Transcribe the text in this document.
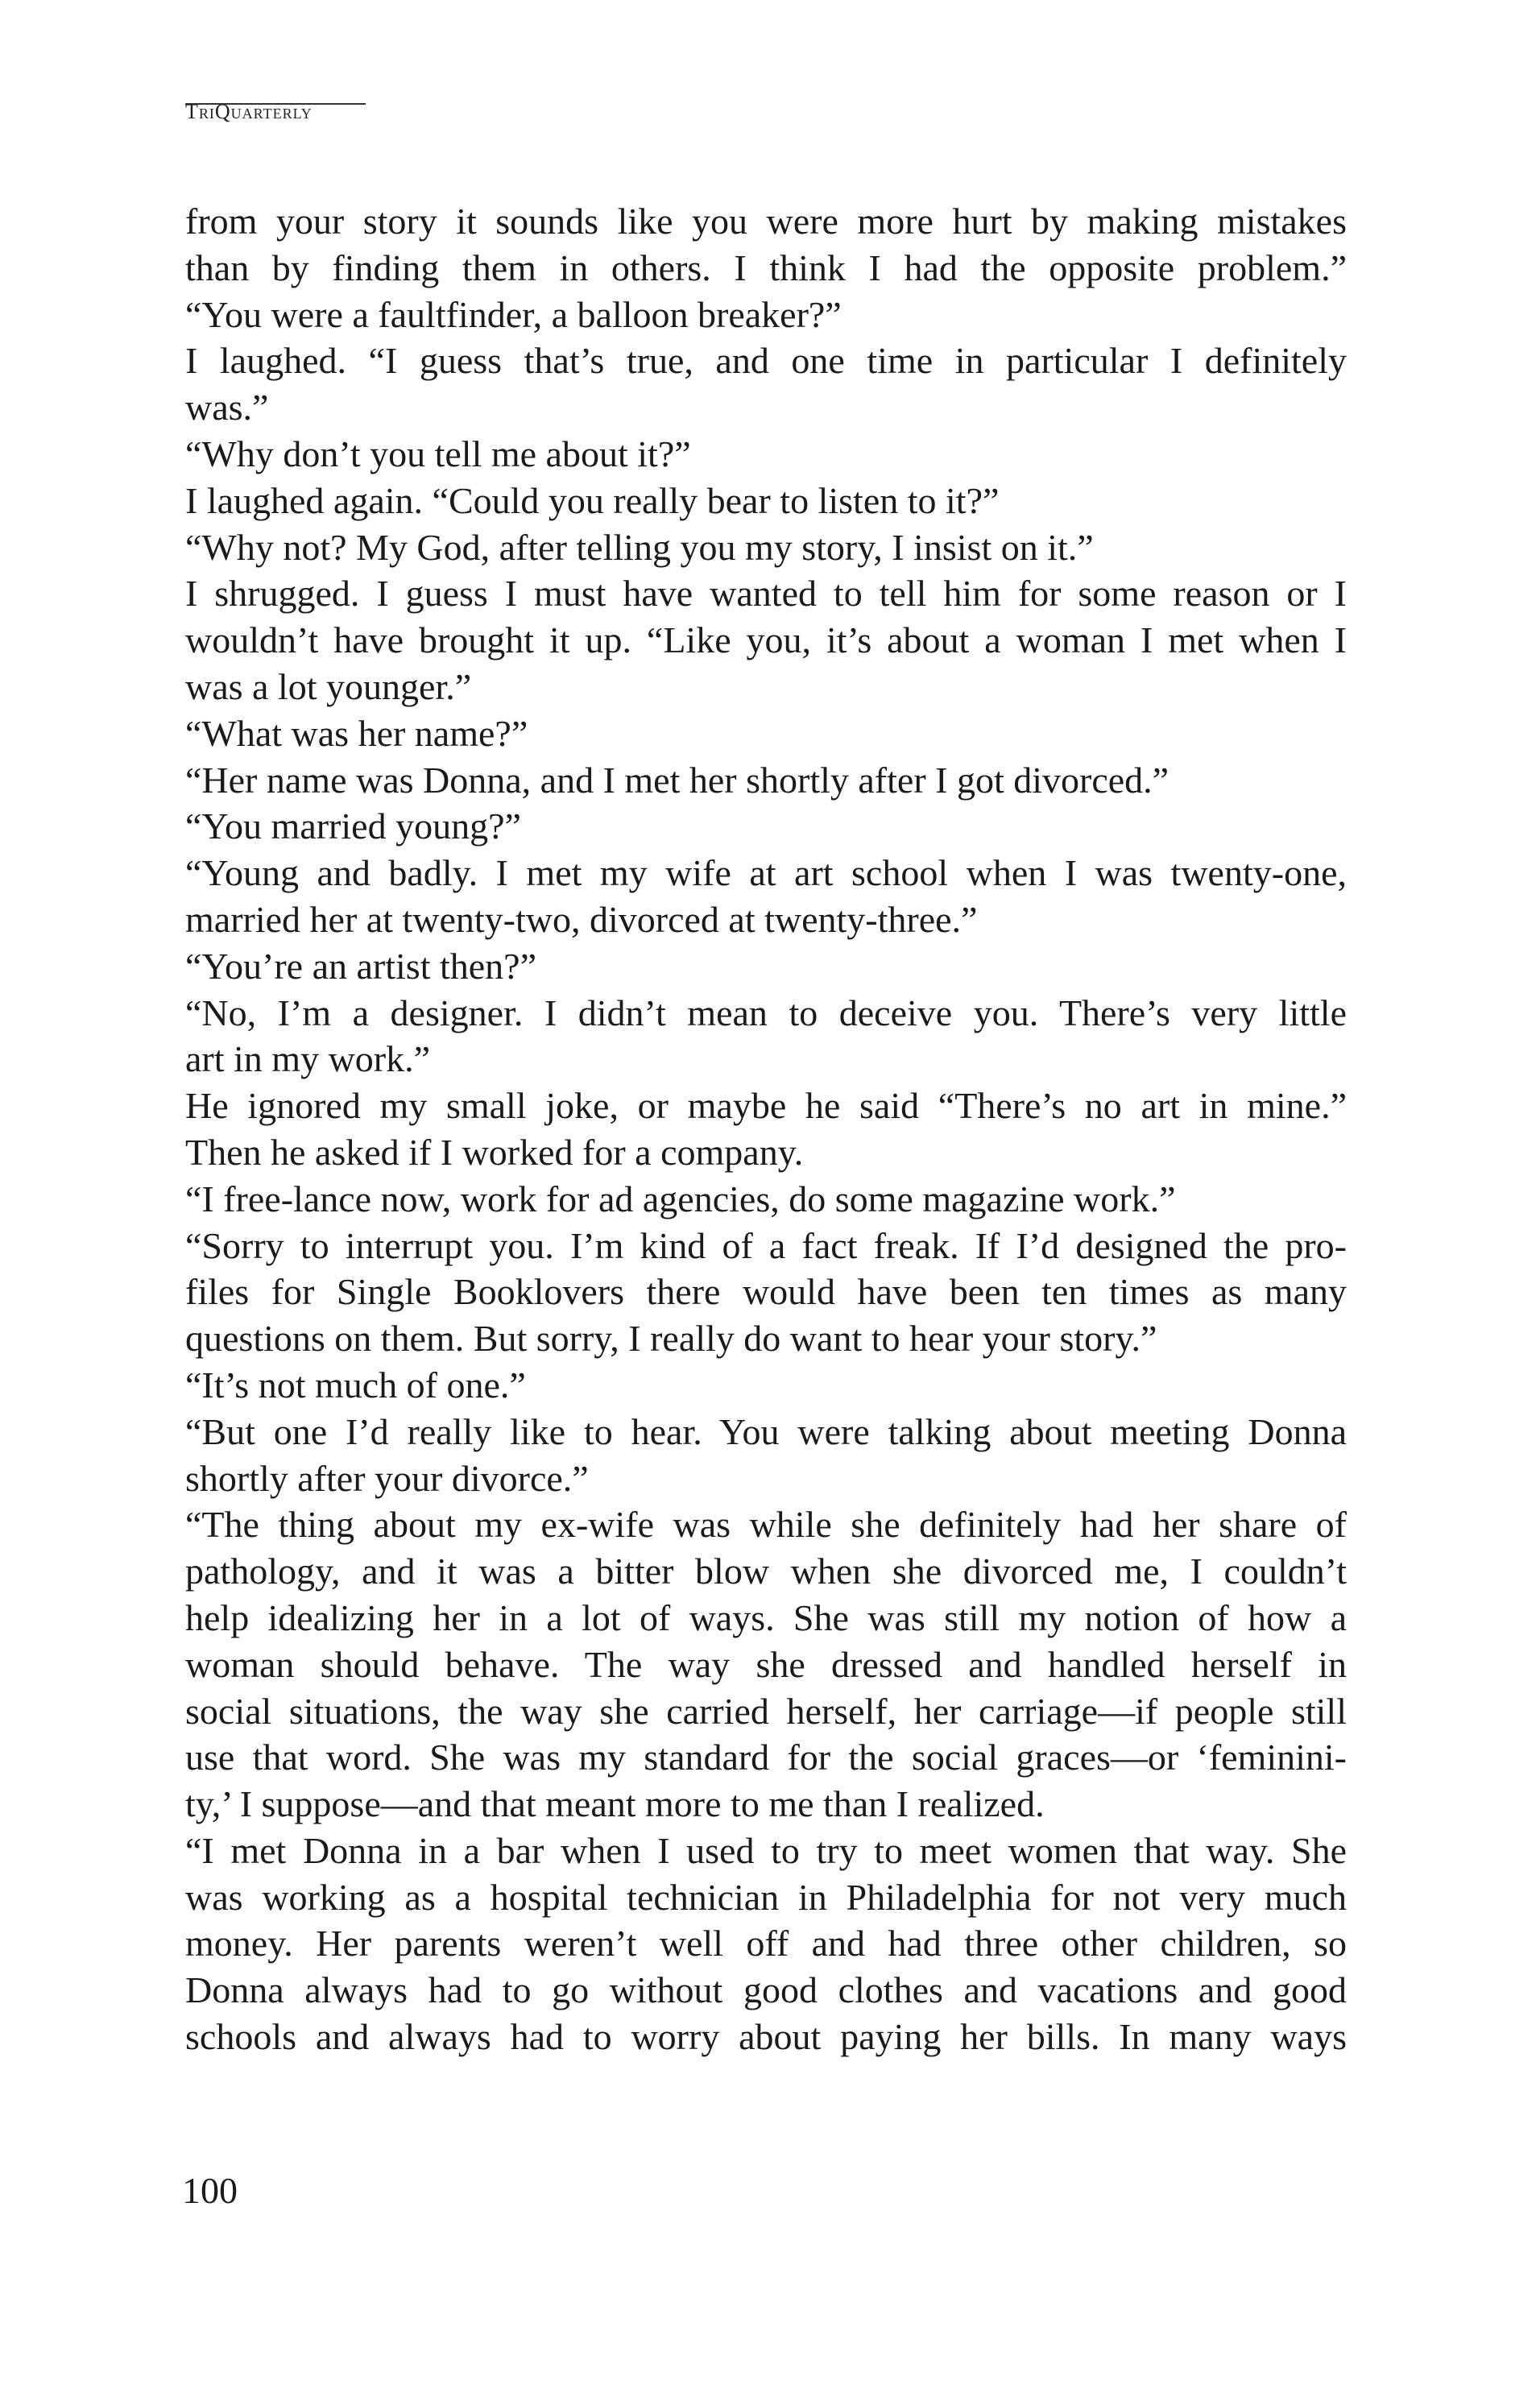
TriQuarterly
from your story it sounds like you were more hurt by making mistakes
than by finding them in others. I think I had the opposite problem.”
“You were a faultfinder, a balloon breaker?”
I laughed. “I guess that’s true, and one time in particular I definitely
was.”
“Why don’t you tell me about it?”
I laughed again. “Could you really bear to listen to it?”
“Why not? My God, after telling you my story, I insist on it.”
I shrugged. I guess I must have wanted to tell him for some reason or I
wouldn’t have brought it up. “Like you, it’s about a woman I met when I
was a lot younger.”
“What was her name?”
“Her name was Donna, and I met her shortly after I got divorced.”
“You married young?”
“Young and badly. I met my wife at art school when I was twenty-one,
married her at twenty-two, divorced at twenty-three.”
“You’re an artist then?”
“No, I’m a designer. I didn’t mean to deceive you. There’s very little
art in my work.”
He ignored my small joke, or maybe he said “There’s no art in mine.”
Then he asked if I worked for a company.
“I free-lance now, work for ad agencies, do some magazine work.”
“Sorry to interrupt you. I’m kind of a fact freak. If I’d designed the pro-
files for Single Booklovers there would have been ten times as many
questions on them. But sorry, I really do want to hear your story.”
“It’s not much of one.”
“But one I’d really like to hear. You were talking about meeting Donna
shortly after your divorce.”
“The thing about my ex-wife was while she definitely had her share of
pathology, and it was a bitter blow when she divorced me, I couldn’t
help idealizing her in a lot of ways. She was still my notion of how a
woman should behave. The way she dressed and handled herself in
social situations, the way she carried herself, her carriage—if people still
use that word. She was my standard for the social graces—or ‘feminini-
ty,’ I suppose—and that meant more to me than I realized.
“I met Donna in a bar when I used to try to meet women that way. She
was working as a hospital technician in Philadelphia for not very much
money. Her parents weren’t well off and had three other children, so
Donna always had to go without good clothes and vacations and good
schools and always had to worry about paying her bills. In many ways
100
